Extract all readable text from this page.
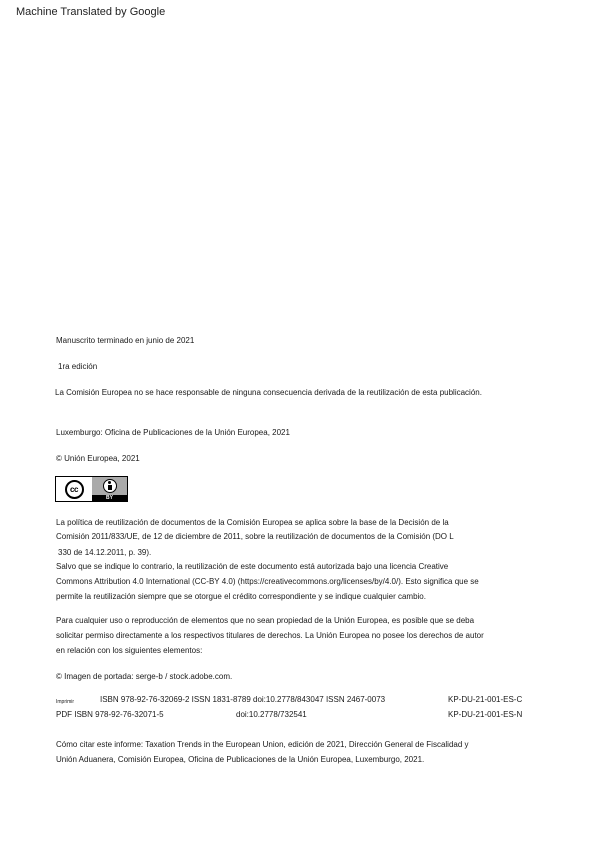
Machine Translated by Google
Manuscrito terminado en junio de 2021
1ra edición
La Comisión Europea no se hace responsable de ninguna consecuencia derivada de la reutilización de esta publicación.
Luxemburgo: Oficina de Publicaciones de la Unión Europea, 2021
© Unión Europea, 2021
cc
BY
La política de reutilización de documentos de la Comisión Europea se aplica sobre la base de la Decisión de la
Comisión 2011/833/UE, de 12 de diciembre de 2011, sobre la reutilización de documentos de la Comisión (DO L
330 de 14.12.2011, p. 39).
Salvo que se indique lo contrario, la reutilización de este documento está autorizada bajo una licencia Creative
Commons Attribution 4.0 International (CC-BY 4.0) (https://creativecommons.org/licenses/by/4.0/). Esto significa que se
permite la reutilización siempre que se otorgue el crédito correspondiente y se indique cualquier cambio.
Para cualquier uso o reproducción de elementos que no sean propiedad de la Unión Europea, es posible que se deba
solicitar permiso directamente a los respectivos titulares de derechos. La Unión Europea no posee los derechos de autor
en relación con los siguientes elementos:
© Imagen de portada: serge-b / stock.adobe.com.
Imprimir	ISBN 978-92-76-32069-2 ISSN 1831-8789 doi:10.2778/843047 ISSN 2467-0073	KP-DU-21-001-ES-C
PDF ISBN 978-92-76-32071-5	doi:10.2778/732541	KP-DU-21-001-ES-N
Cómo citar este informe: Taxation Trends in the European Union, edición de 2021, Dirección General de Fiscalidad y
Unión Aduanera, Comisión Europea, Oficina de Publicaciones de la Unión Europea, Luxemburgo, 2021.
